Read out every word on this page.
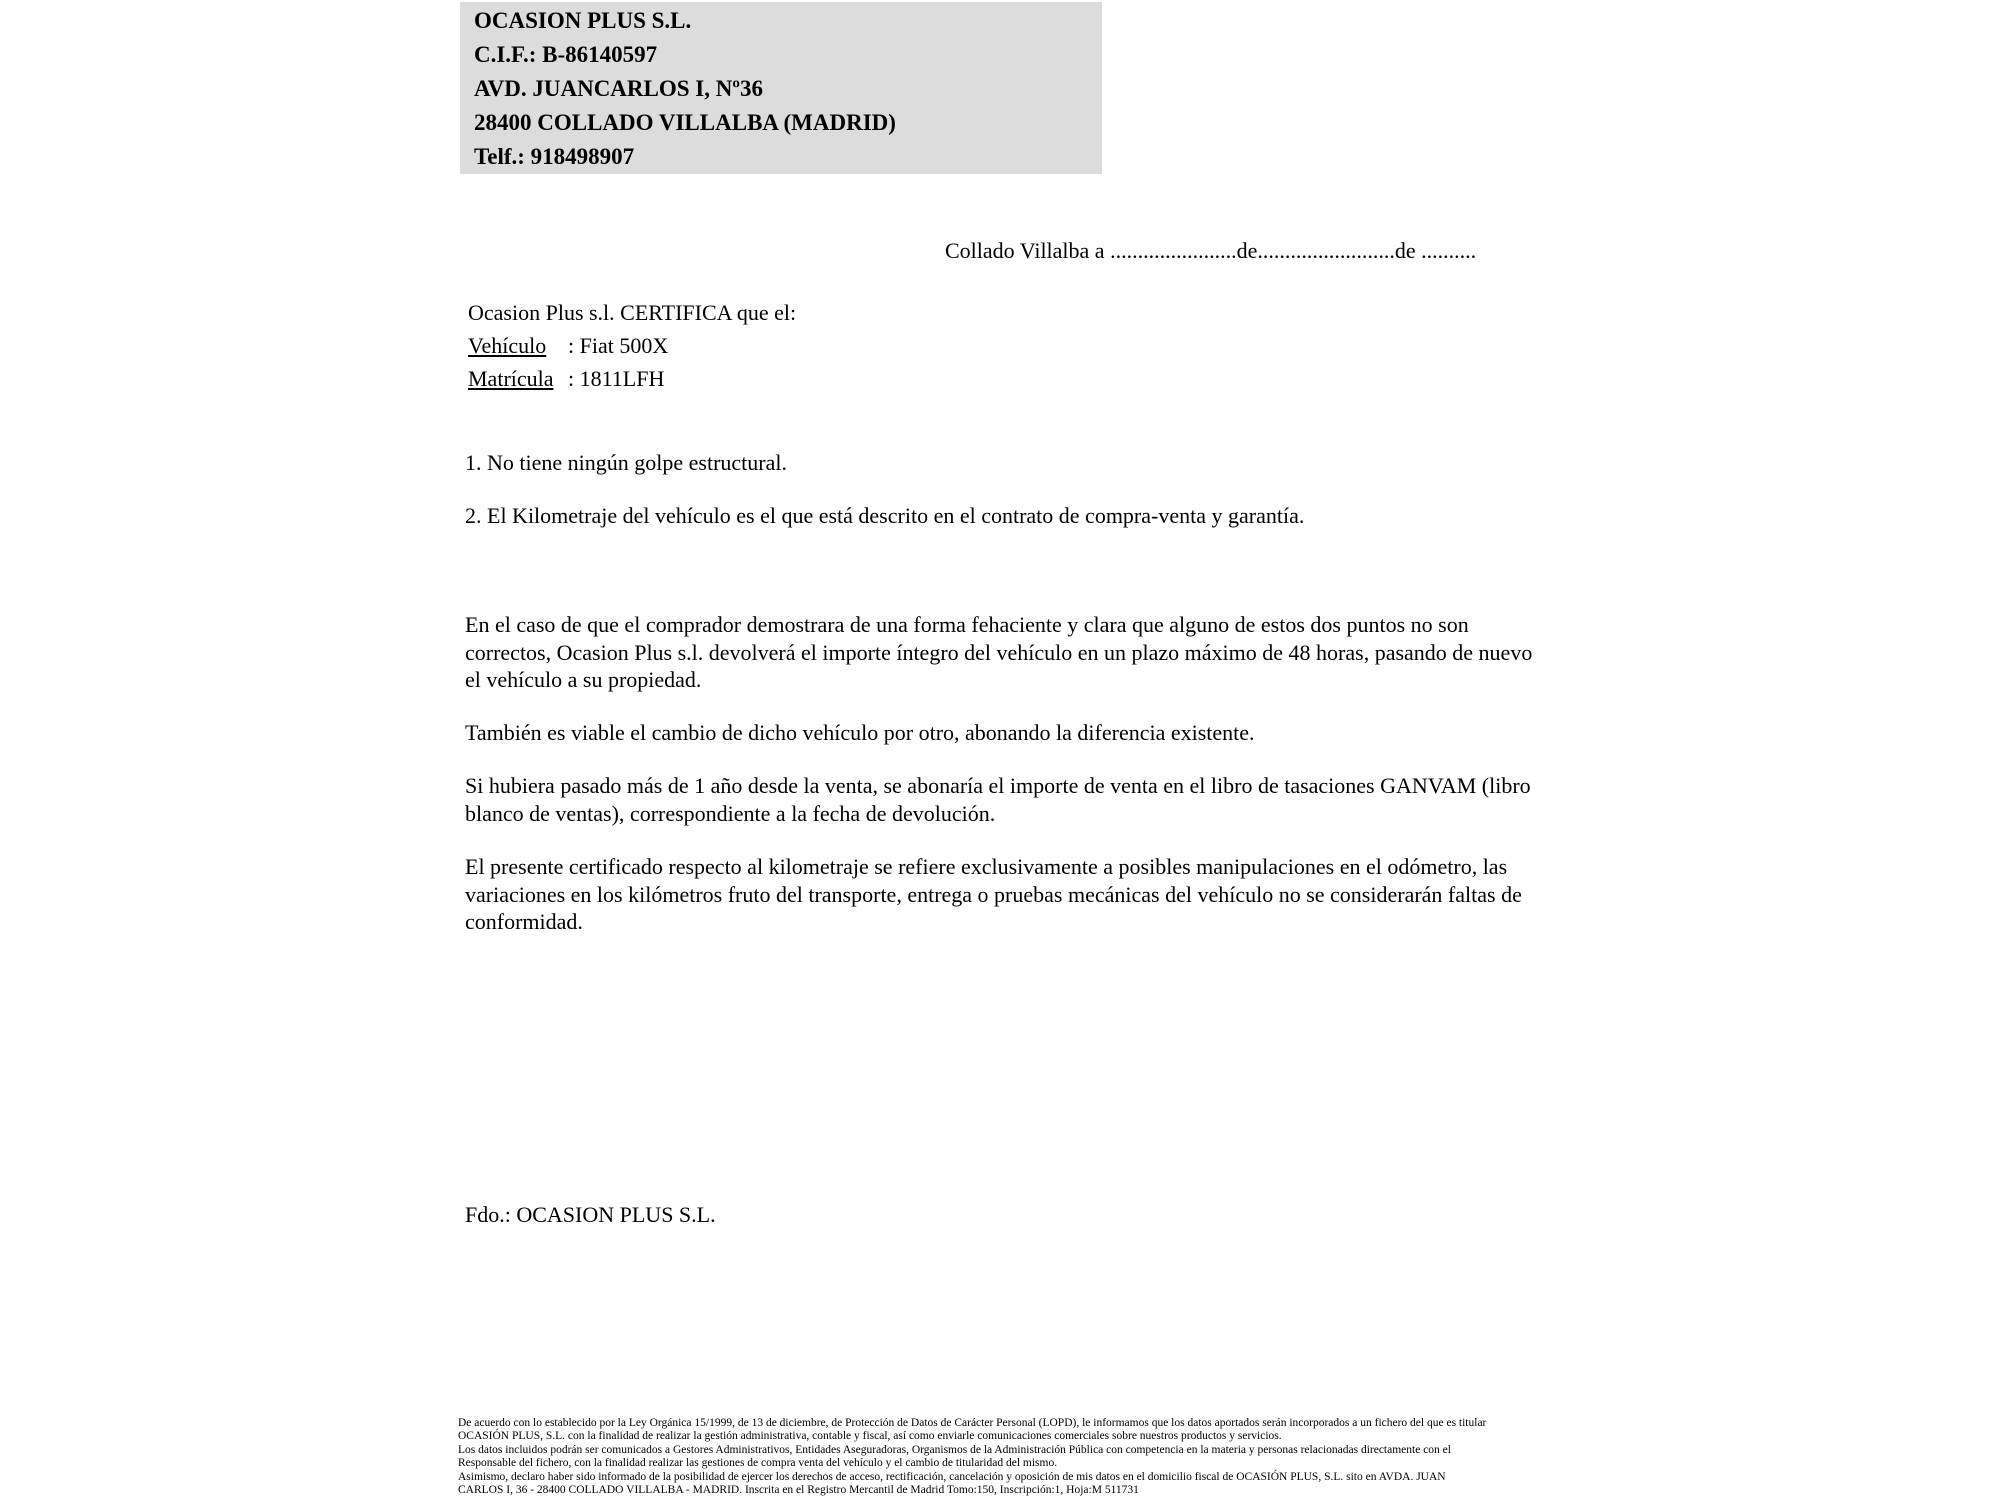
OCASION PLUS S.L.
C.I.F.: B-86140597
AVD. JUANCARLOS I, Nº36
28400 COLLADO VILLALBA (MADRID)
Telf.: 918498907
Collado Villalba a .......................de.........................de ..........
Ocasion Plus s.l. CERTIFICA que el:
Vehículo : Fiat 500X
Matrícula : 1811LFH
1. No tiene ningún golpe estructural.
2. El Kilometraje del vehículo es el que está descrito en el contrato de compra-venta y garantía.
En el caso de que el comprador demostrara de una forma fehaciente y clara que alguno de estos dos puntos no son correctos, Ocasion Plus s.l. devolverá el importe íntegro del vehículo en un plazo máximo de 48 horas, pasando de nuevo el vehículo a su propiedad.
También es viable el cambio de dicho vehículo por otro, abonando la diferencia existente.
Si hubiera pasado más de 1 año desde la venta, se abonaría el importe de venta en el libro de tasaciones GANVAM (libro blanco de ventas), correspondiente a la fecha de devolución.
El presente certificado respecto al kilometraje se refiere exclusivamente a posibles manipulaciones en el odómetro, las variaciones en los kilómetros fruto del transporte, entrega o pruebas mecánicas del vehículo no se considerarán faltas de conformidad.
Fdo.: OCASION PLUS S.L.
De acuerdo con lo establecido por la Ley Orgánica 15/1999, de 13 de diciembre, de Protección de Datos de Carácter Personal (LOPD), le informamos que los datos aportados serán incorporados a un fichero del que es titular
OCASIÓN PLUS, S.L. con la finalidad de realizar la gestión administrativa, contable y fiscal, así como enviarle comunicaciones comerciales sobre nuestros productos y servicios.
Los datos incluidos podrán ser comunicados a Gestores Administrativos, Entidades Aseguradoras, Organismos de la Administración Pública con competencia en la materia y personas relacionadas directamente con el
Responsable del fichero, con la finalidad realizar las gestiones de compra venta del vehículo y el cambio de titularidad del mismo.
Asimismo, declaro haber sido informado de la posibilidad de ejercer los derechos de acceso, rectificación, cancelación y oposición de mis datos en el domicilio fiscal de OCASIÓN PLUS, S.L. sito en AVDA. JUAN
CARLOS I, 36 - 28400 COLLADO VILLALBA - MADRID. Inscrita en el Registro Mercantil de Madrid Tomo:150, Inscripción:1, Hoja:M 511731
